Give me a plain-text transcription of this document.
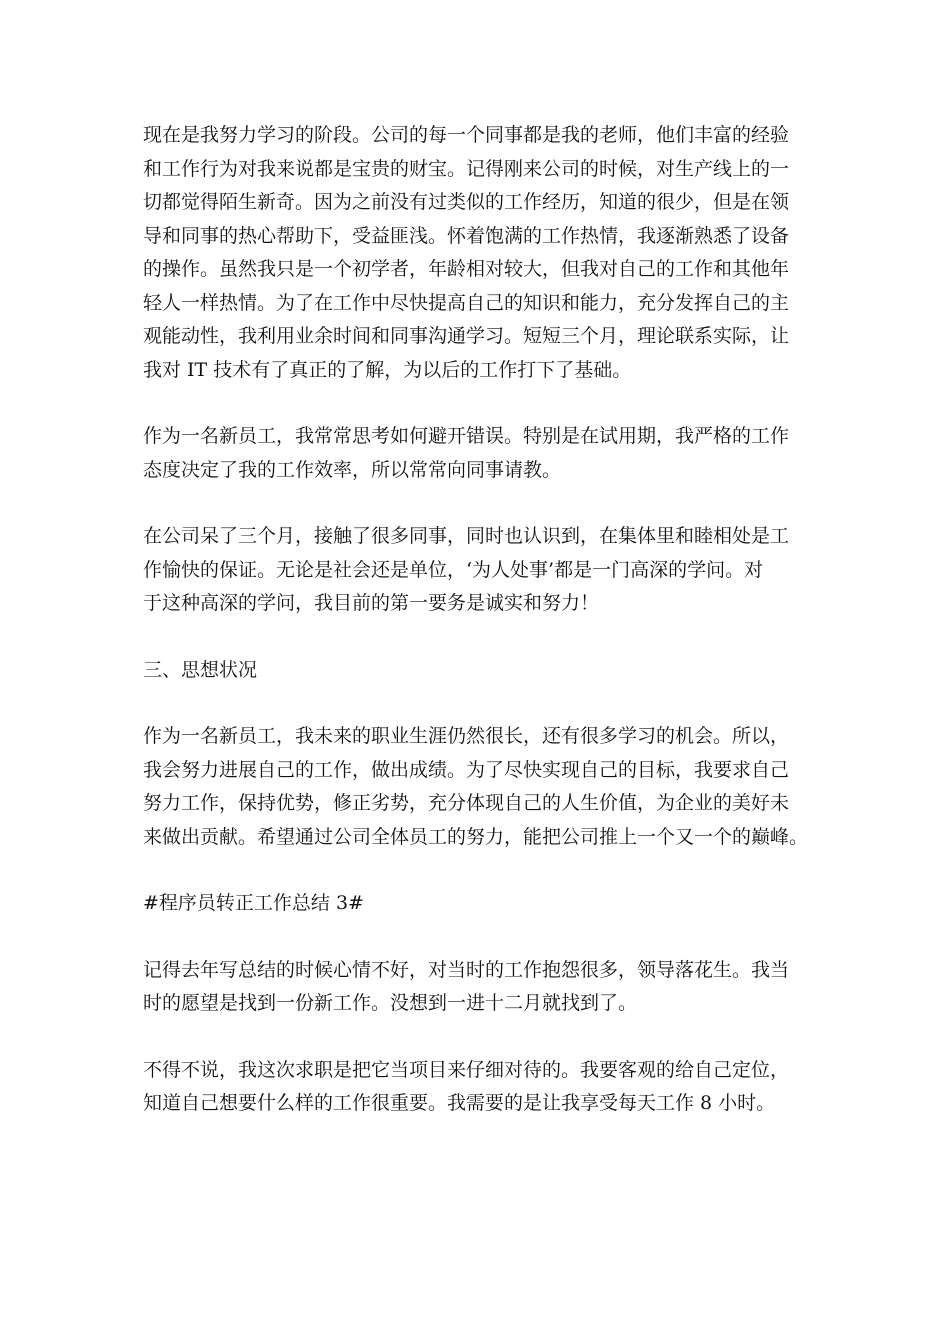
现在是我努力学习的阶段。公司的每一个同事都是我的老师，他们丰富的经验
和工作行为对我来说都是宝贵的财宝。记得刚来公司的时候，对生产线上的一
切都觉得陌生新奇。因为之前没有过类似的工作经历，知道的很少，但是在领
导和同事的热心帮助下，受益匪浅。怀着饱满的工作热情，我逐渐熟悉了设备
的操作。虽然我只是一个初学者，年龄相对较大，但我对自己的工作和其他年
轻人一样热情。为了在工作中尽快提高自己的知识和能力，充分发挥自己的主
观能动性，我利用业余时间和同事沟通学习。短短三个月，理论联系实际，让
我对 IT 技术有了真正的了解，为以后的工作打下了基础。

作为一名新员工，我常常思考如何避开错误。特别是在试用期，我严格的工作
态度决定了我的工作效率，所以常常向同事请教。

在公司呆了三个月，接触了很多同事，同时也认识到，在集体里和睦相处是工
作愉快的保证。无论是社会还是单位，‘为人处事’都是一门高深的学问。对
于这种高深的学问，我目前的第一要务是诚实和努力！

三、思想状况

作为一名新员工，我未来的职业生涯仍然很长，还有很多学习的机会。所以，
我会努力进展自己的工作，做出成绩。为了尽快实现自己的目标，我要求自己
努力工作，保持优势，修正劣势，充分体现自己的人生价值，为企业的美好未
来做出贡献。希望通过公司全体员工的努力，能把公司推上一个又一个的巅峰。

#程序员转正工作总结 3#

记得去年写总结的时候心情不好，对当时的工作抱怨很多，领导落花生。我当
时的愿望是找到一份新工作。没想到一进十二月就找到了。

不得不说，我这次求职是把它当项目来仔细对待的。我要客观的给自己定位，
知道自己想要什么样的工作很重要。我需要的是让我享受每天工作 8 小时。
